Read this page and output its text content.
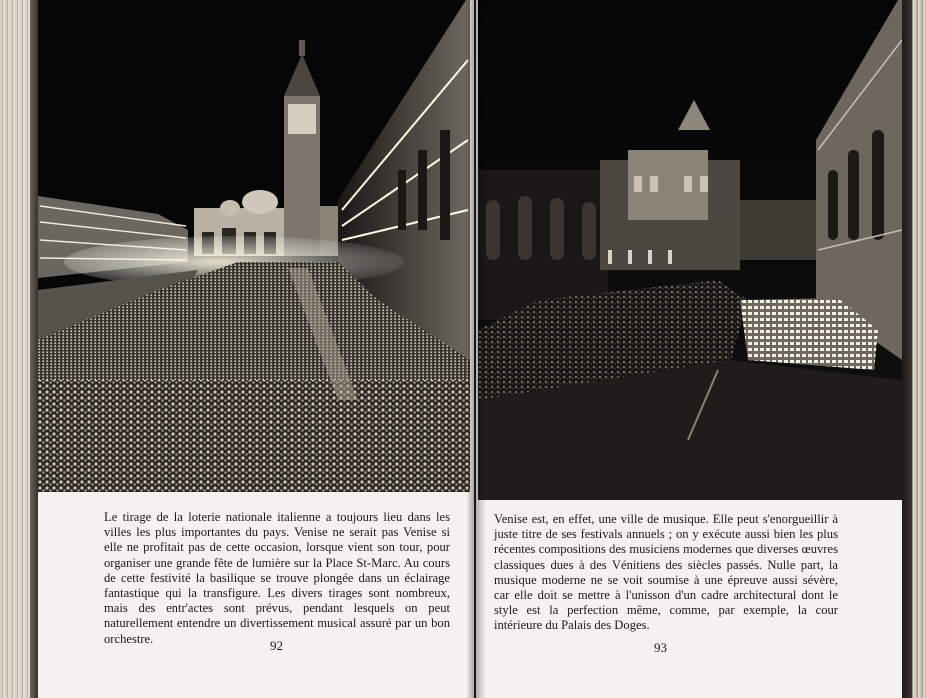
Le tirage de la loterie nationale italienne a toujours lieu dans les villes les plus importantes du pays. Venise ne serait pas Venise si elle ne profitait pas de cette occasion, lorsque vient son tour, pour organiser une grande fête de lumière sur la Place St-Marc. Au cours de cette festivité la basilique se trouve plongée dans un éclairage fantastique qui la transfigure. Les divers tirages sont nombreux, mais des entr'actes sont prévus, pendant lesquels on peut naturellement entendre un divertissement musical assuré par un bon orchestre.	92
Venise est, en effet, une ville de musique. Elle peut s'enorgueillir à juste titre de ses festivals annuels ; on y exécute aussi bien les plus récentes compositions des musiciens modernes que diverses œuvres classiques dues à des Vénitiens des siècles passés. Nulle part, la musique moderne ne se voit soumise à une épreuve aussi sévère, car elle doit se mettre à l'unisson d'un cadre architectural dont le style est la perfection même, comme, par exemple, la cour intérieure du Palais des Doges.
93
